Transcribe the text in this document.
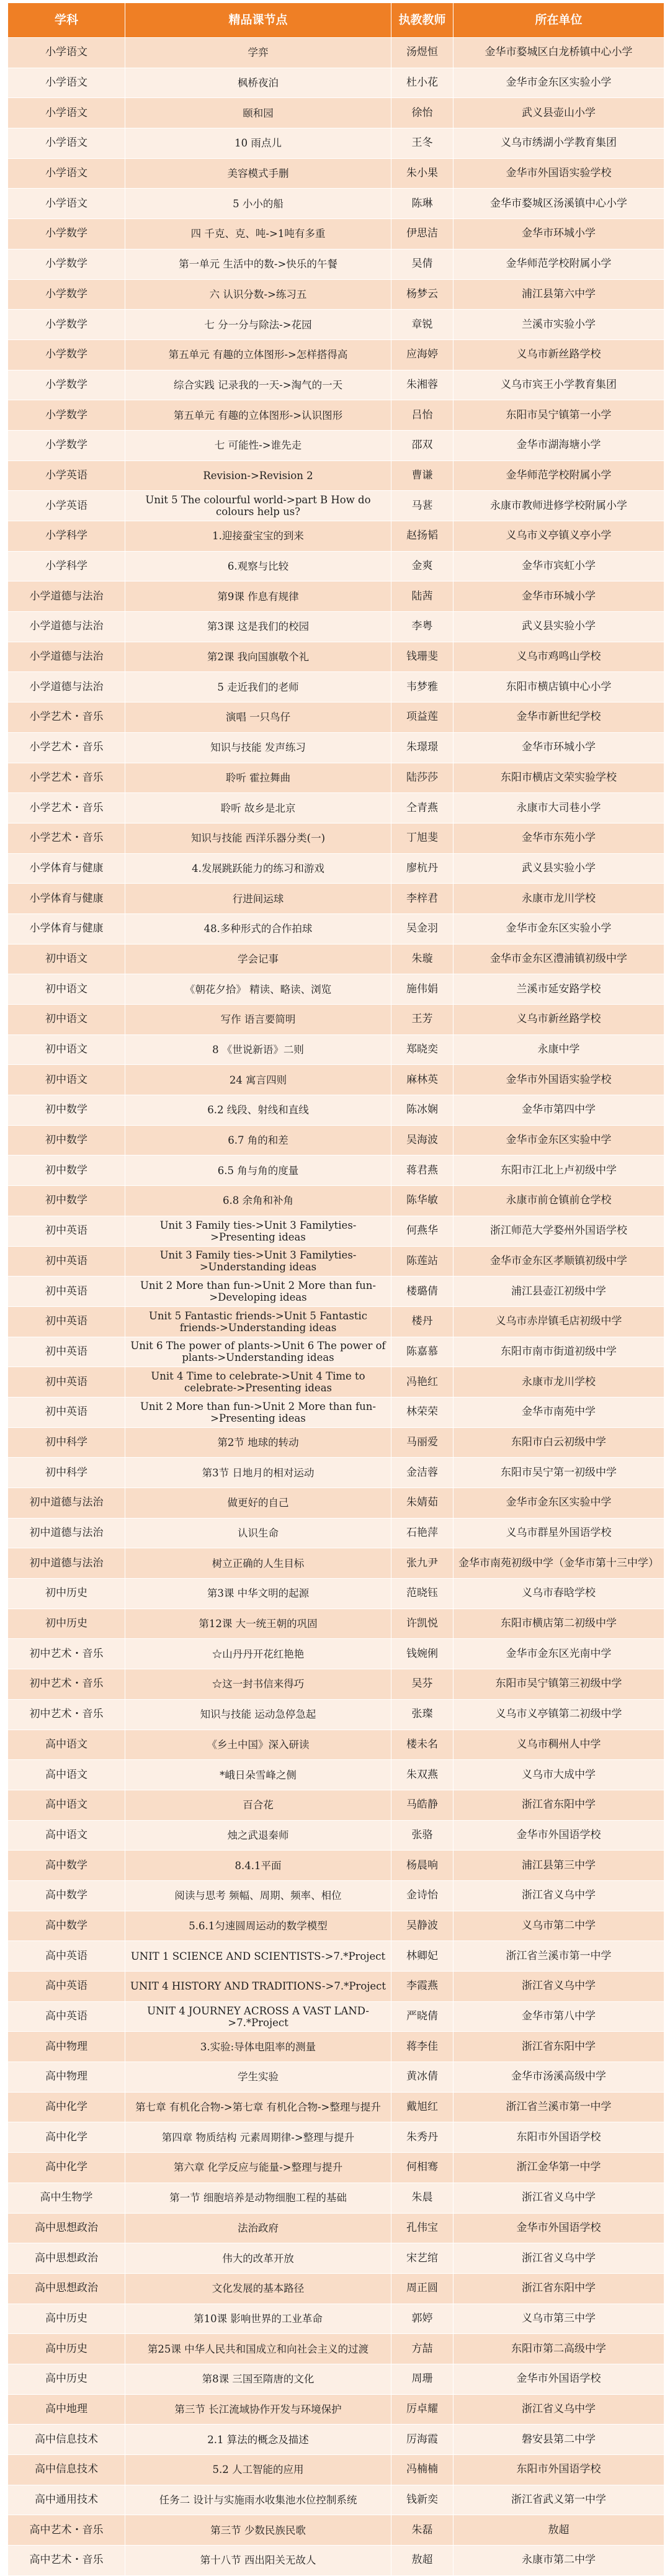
学科	精品课节点	执教教师	所在单位
小学语文	学弈	汤煜恒	金华市婺城区白龙桥镇中心小学
小学语文	枫桥夜泊	杜小花	金华市金东区实验小学
小学语文	颐和园	徐怡	武义县壶山小学
小学语文	10 雨点儿	王冬	义乌市绣湖小学教育集团
小学语文	美容模式手删	朱小果	金华市外国语实验学校
小学语文	5 小小的船	陈琳	金华市婺城区汤溪镇中心小学
小学数学	四 千克、克、吨->1吨有多重	伊思洁	金华市环城小学
小学数学	第一单元 生活中的数->快乐的午餐	吴倩	金华师范学校附属小学
小学数学	六 认识分数->练习五	杨梦云	浦江县第六中学
小学数学	七 分一分与除法->花园	章锐	兰溪市实验小学
小学数学	第五单元 有趣的立体图形->怎样搭得高	应海婷	义乌市新丝路学校
小学数学	综合实践 记录我的一天->淘气的一天	朱湘蓉	义乌市宾王小学教育集团
小学数学	第五单元 有趣的立体图形->认识图形	吕怡	东阳市吴宁镇第一小学
小学数学	七 可能性->谁先走	邵双	金华市湖海塘小学
小学英语	Revision->Revision 2	曹谦	金华师范学校附属小学
小学英语	Unit 5 The colourful world->part B How do colours help us?	马葚	永康市教师进修学校附属小学
小学科学	1.迎接蚕宝宝的到来	赵扬韬	义乌市义亭镇义亭小学
小学科学	6.观察与比较	金爽	金华市宾虹小学
小学道德与法治	第9课 作息有规律	陆茜	金华市环城小学
小学道德与法治	第3课 这是我们的校园	李粤	武义县实验小学
小学道德与法治	第2课 我向国旗敬个礼	钱珊斐	义乌市鸡鸣山学校
小学道德与法治	5 走近我们的老师	韦梦雅	东阳市横店镇中心小学
小学艺术・音乐	演唱 一只鸟仔	项益莲	金华市新世纪学校
小学艺术・音乐	知识与技能 发声练习	朱璟璟	金华市环城小学
小学艺术・音乐	聆听 霍拉舞曲	陆莎莎	东阳市横店文荣实验学校
小学艺术・音乐	聆听 故乡是北京	仝青燕	永康市大司巷小学
小学艺术・音乐	知识与技能 西洋乐器分类(一)	丁旭斐	金华市东苑小学
小学体育与健康	4.发展跳跃能力的练习和游戏	廖杭丹	武义县实验小学
小学体育与健康	行进间运球	李梓君	永康市龙川学校
小学体育与健康	48.多种形式的合作拍球	吴金羽	金华市金东区实验小学
初中语文	学会记事	朱璇	金华市金东区澧浦镇初级中学
初中语文	《朝花夕拾》 精读、略读、浏览	施伟娟	兰溪市延安路学校
初中语文	写作 语言要简明	王芳	义乌市新丝路学校
初中语文	8 《世说新语》二则	郑晓奕	永康中学
初中语文	24 寓言四则	麻林英	金华市外国语实验学校
初中数学	6.2 线段、射线和直线	陈冰娴	金华市第四中学
初中数学	6.7 角的和差	吴海波	金华市金东区实验中学
初中数学	6.5 角与角的度量	蒋君燕	东阳市江北上卢初级中学
初中数学	6.8 余角和补角	陈华敏	永康市前仓镇前仓学校
初中英语	Unit 3 Family ties->Unit 3 Familyties->Presenting ideas	何燕华	浙江师范大学婺州外国语学校
初中英语	Unit 3 Family ties->Unit 3 Familyties->Understanding ideas	陈莲站	金华市金东区孝顺镇初级中学
初中英语	Unit 2 More than fun->Unit 2 More than fun->Developing ideas	楼璐倩	浦江县壶江初级中学
初中英语	Unit 5 Fantastic friends->Unit 5 Fantastic friends->Understanding ideas	楼丹	义乌市赤岸镇毛店初级中学
初中英语	Unit 6 The power of plants->Unit 6 The power of plants->Understanding ideas	陈嘉慕	东阳市南市街道初级中学
初中英语	Unit 4 Time to celebrate->Unit 4 Time to celebrate->Presenting ideas	冯艳红	永康市龙川学校
初中英语	Unit 2 More than fun->Unit 2 More than fun->Presenting ideas	林荣荣	金华市南苑中学
初中科学	第2节 地球的转动	马丽爱	东阳市白云初级中学
初中科学	第3节 日地月的相对运动	金洁蓉	东阳市吴宁第一初级中学
初中道德与法治	做更好的自己	朱婧茹	金华市金东区实验中学
初中道德与法治	认识生命	石艳萍	义乌市群星外国语学校
初中道德与法治	树立正确的人生目标	张九尹	金华市南苑初级中学（金华市第十三中学）
初中历史	第3课 中华文明的起源	范晓钰	义乌市春晗学校
初中历史	第12课 大一统王朝的巩固	许凯悦	东阳市横店第二初级中学
初中艺术・音乐	☆山丹丹开花红艳艳	钱婉俐	金华市金东区光南中学
初中艺术・音乐	☆这一封书信来得巧	吴芬	东阳市吴宁镇第三初级中学
初中艺术・音乐	知识与技能 运动急停急起	张璨	义乌市义亭镇第二初级中学
高中语文	《乡土中国》深入研读	楼未名	义乌市稠州人中学
高中语文	*峨日朵雪峰之侧	朱双燕	义乌市大成中学
高中语文	百合花	马皓静	浙江省东阳中学
高中语文	烛之武退秦师	张骆	金华市外国语学校
高中数学	8.4.1平面	杨晨响	浦江县第三中学
高中数学	阅读与思考 频幅、周期、频率、相位	金诗怡	浙江省义乌中学
高中数学	5.6.1匀速圆周运动的数学模型	吴静波	义乌市第二中学
高中英语	UNIT 1 SCIENCE AND SCIENTISTS->7.*Project	林卿妃	浙江省兰溪市第一中学
高中英语	UNIT 4 HISTORY AND TRADITIONS->7.*Project	李霞燕	浙江省义乌中学
高中英语	UNIT 4 JOURNEY ACROSS A VAST LAND->7.*Project	严晓倩	金华市第八中学
高中物理	3.实验:导体电阻率的测量	蒋李佳	浙江省东阳中学
高中物理	学生实验	黄冰倩	金华市汤溪高级中学
高中化学	第七章 有机化合物->第七章 有机化合物->整理与提升	戴旭红	浙江省兰溪市第一中学
高中化学	第四章 物质结构 元素周期律->整理与提升	朱秀丹	东阳市外国语学校
高中化学	第六章 化学反应与能量->整理与提升	何相骞	浙江金华第一中学
高中生物学	第一节 细胞培养是动物细胞工程的基础	朱晨	浙江省义乌中学
高中思想政治	法治政府	孔伟宝	金华市外国语学校
高中思想政治	伟大的改革开放	宋艺绾	浙江省义乌中学
高中思想政治	文化发展的基本路径	周正圆	浙江省东阳中学
高中历史	第10课 影响世界的工业革命	郭婷	义乌市第三中学
高中历史	第25课 中华人民共和国成立和向社会主义的过渡	方喆	东阳市第二高级中学
高中历史	第8课 三国至隋唐的文化	周珊	金华市外国语学校
高中地理	第三节 长江流域协作开发与环境保护	厉卓耀	浙江省义乌中学
高中信息技术	2.1 算法的概念及描述	厉海霞	磐安县第二中学
高中信息技术	5.2 人工智能的应用	冯楠楠	东阳市外国语学校
高中通用技术	任务二 设计与实施雨水收集池水位控制系统	钱新奕	浙江省武义第一中学
高中艺术・音乐	第三节 少数民族民歌	朱磊	敖超
高中艺术・音乐	第十八节 西出阳关无故人	敖超	永康市第二中学
